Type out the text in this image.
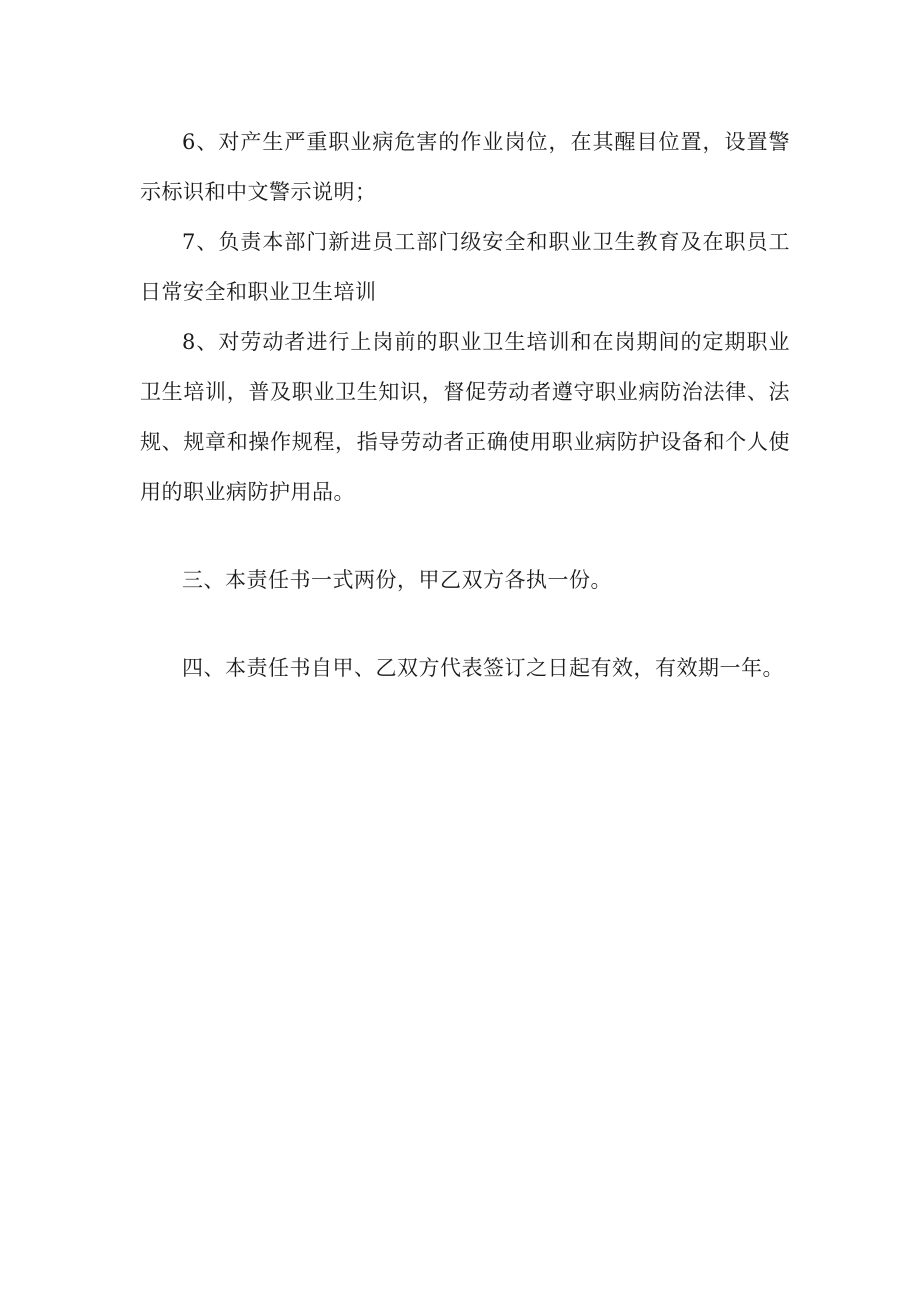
6、对产生严重职业病危害的作业岗位，在其醒目位置，设置警示标识和中文警示说明；

7、负责本部门新进员工部门级安全和职业卫生教育及在职员工日常安全和职业卫生培训

8、对劳动者进行上岗前的职业卫生培训和在岗期间的定期职业卫生培训，普及职业卫生知识，督促劳动者遵守职业病防治法律、法规、规章和操作规程，指导劳动者正确使用职业病防护设备和个人使用的职业病防护用品。

三、本责任书一式两份，甲乙双方各执一份。

四、本责任书自甲、乙双方代表签订之日起有效，有效期一年。
